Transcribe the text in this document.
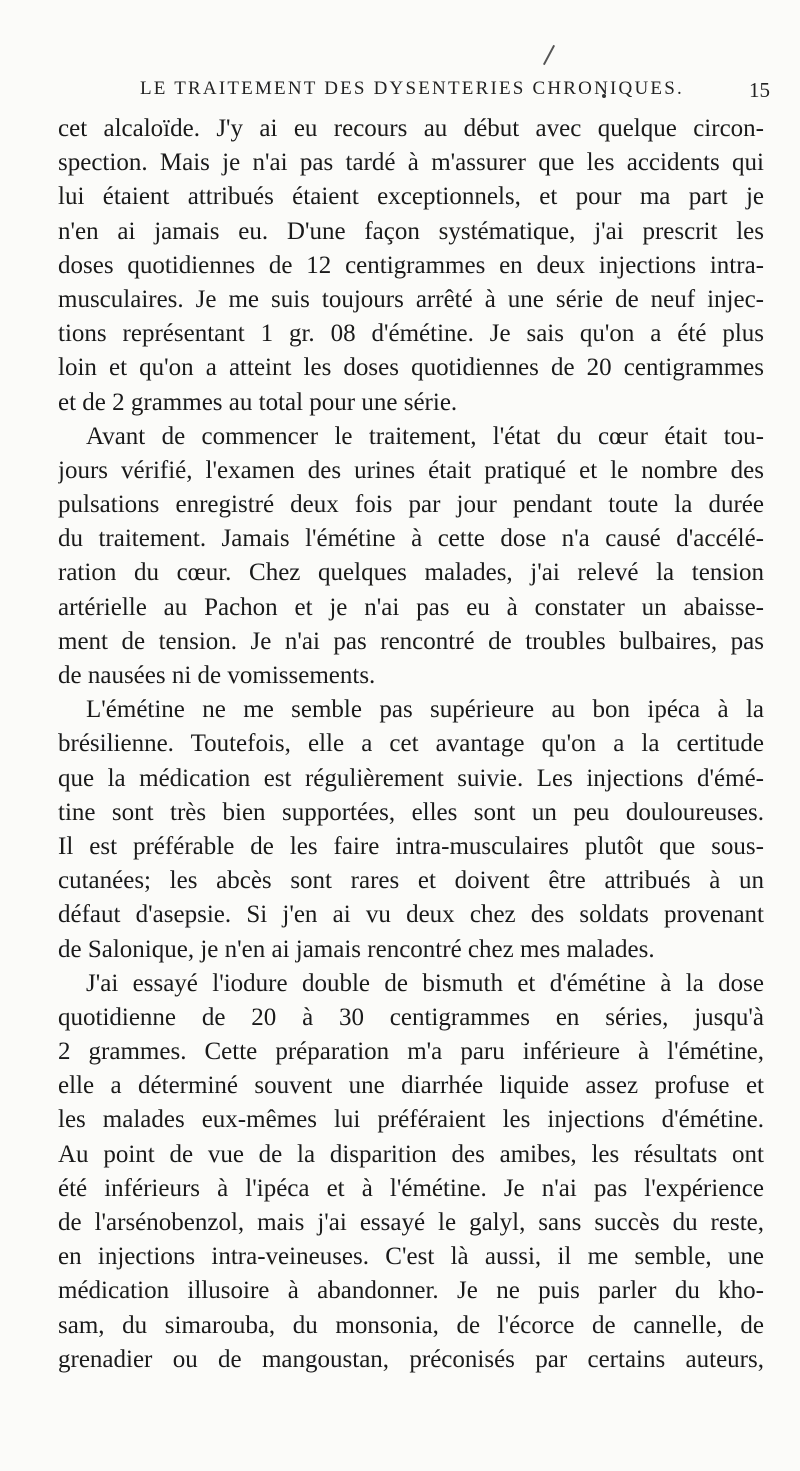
LE TRAITEMENT DES DYSENTERIES CHRONIQUES.	15
cet alcaloïde. J'y ai eu recours au début avec quelque circon-
spection. Mais je n'ai pas tardé à m'assurer que les accidents qui
lui étaient attribués étaient exceptionnels, et pour ma part je
n'en ai jamais eu. D'une façon systématique, j'ai prescrit les
doses quotidiennes de 12 centigrammes en deux injections intra-
musculaires. Je me suis toujours arrêté à une série de neuf injec-
tions représentant 1 gr. 08 d'émétine. Je sais qu'on a été plus
loin et qu'on a atteint les doses quotidiennes de 20 centigrammes
et de 2 grammes au total pour une série.
Avant de commencer le traitement, l'état du cœur était tou-
jours vérifié, l'examen des urines était pratiqué et le nombre des
pulsations enregistré deux fois par jour pendant toute la durée
du traitement. Jamais l'émétine à cette dose n'a causé d'accélé-
ration du cœur. Chez quelques malades, j'ai relevé la tension
artérielle au Pachon et je n'ai pas eu à constater un abaisse-
ment de tension. Je n'ai pas rencontré de troubles bulbaires, pas
de nausées ni de vomissements.
L'émétine ne me semble pas supérieure au bon ipéca à la
brésilienne. Toutefois, elle a cet avantage qu'on a la certitude
que la médication est régulièrement suivie. Les injections d'émé-
tine sont très bien supportées, elles sont un peu douloureuses.
Il est préférable de les faire intra-musculaires plutôt que sous-
cutanées; les abcès sont rares et doivent être attribués à un
défaut d'asepsie. Si j'en ai vu deux chez des soldats provenant
de Salonique, je n'en ai jamais rencontré chez mes malades.
J'ai essayé l'iodure double de bismuth et d'émétine à la dose
quotidienne de 20 à 30 centigrammes en séries, jusqu'à
2 grammes. Cette préparation m'a paru inférieure à l'émétine,
elle a déterminé souvent une diarrhée liquide assez profuse et
les malades eux-mêmes lui préféraient les injections d'émétine.
Au point de vue de la disparition des amibes, les résultats ont
été inférieurs à l'ipéca et à l'émétine. Je n'ai pas l'expérience
de l'arsénobenzol, mais j'ai essayé le galyl, sans succès du reste,
en injections intra-veineuses. C'est là aussi, il me semble, une
médication illusoire à abandonner. Je ne puis parler du kho-
sam, du simarouba, du monsonia, de l'écorce de cannelle, de
grenadier ou de mangoustan, préconisés par certains auteurs,
